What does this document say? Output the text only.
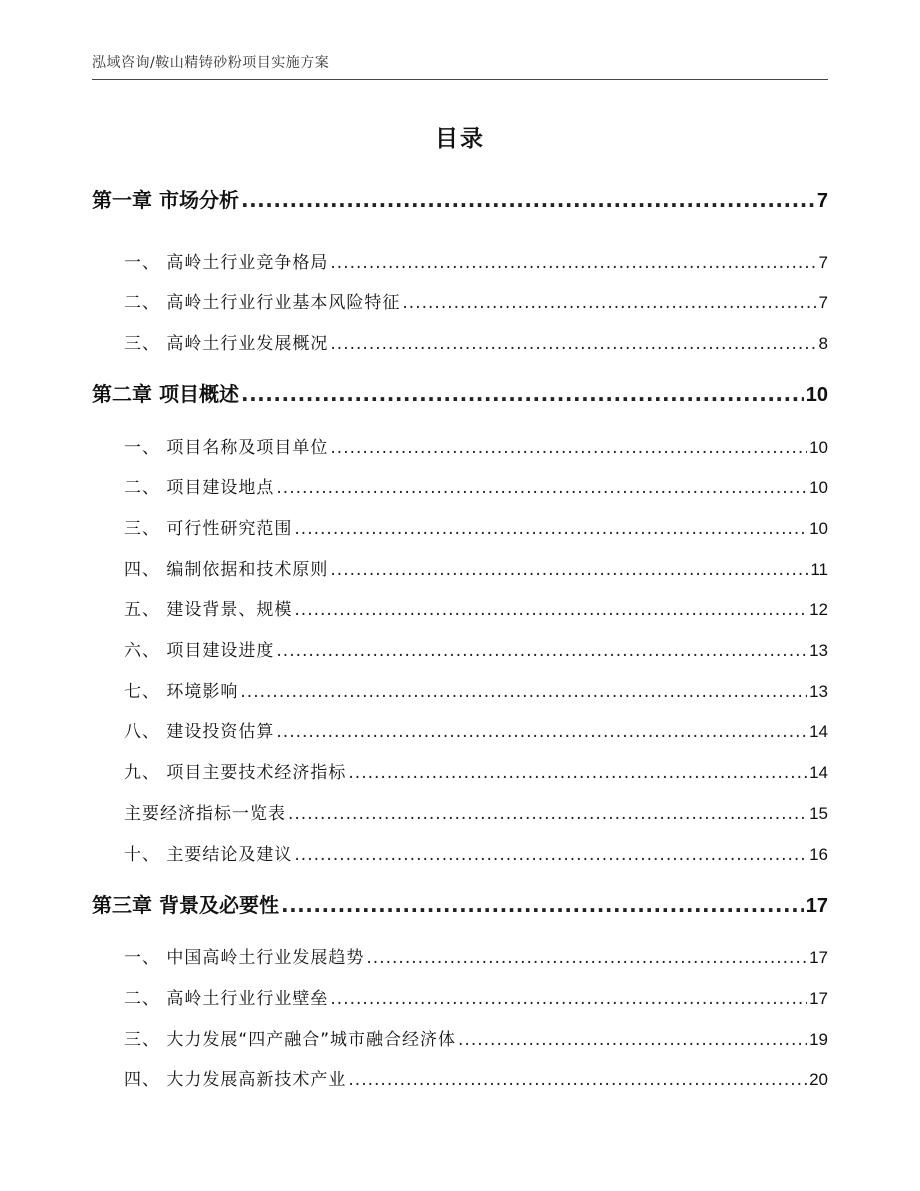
泓域咨询/鞍山精铸砂粉项目实施方案
目录
第一章 市场分析 .....	7
一、 高岭土行业竞争格局 .....	7
二、 高岭土行业行业基本风险特征 .....	7
三、 高岭土行业发展概况 .....	8
第二章 项目概述 .....	10
一、 项目名称及项目单位 .....	10
二、 项目建设地点 .....	10
三、 可行性研究范围 .....	10
四、 编制依据和技术原则 .....	11
五、 建设背景、规模 .....	12
六、 项目建设进度 .....	13
七、 环境影响 .....	13
八、 建设投资估算 .....	14
九、 项目主要技术经济指标 .....	14
主要经济指标一览表 .....	15
十、 主要结论及建议 .....	16
第三章 背景及必要性 .....	17
一、 中国高岭土行业发展趋势 .....	17
二、 高岭土行业行业壁垒 .....	17
三、 大力发展“四产融合”城市融合经济体 .....	19
四、 大力发展高新技术产业 .....	20
